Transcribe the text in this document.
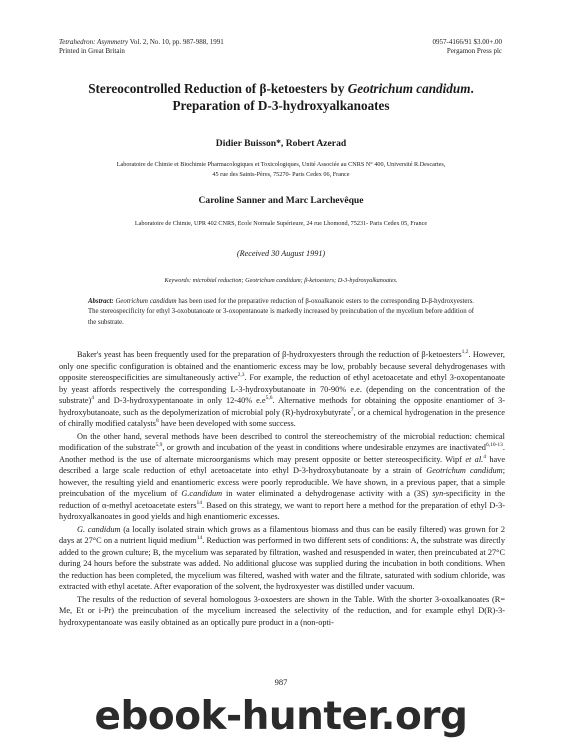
Tetrahedron: Asymmetry Vol. 2, No. 10, pp. 987-988, 1991
Printed in Great Britain
0957-4166/91 $3.00+.00
Pergamon Press plc
Stereocontrolled Reduction of β-ketoesters by Geotrichum candidum. Preparation of D-3-hydroxyalkanoates
Didier Buisson*, Robert Azerad
Laboratoire de Chimie et Biochimie Pharmacologiques et Toxicologiques, Unité Associée au CNRS N° 400, Université R.Descartes,
45 rue des Saints-Pères, 75270- Paris Cedex 06, France
Caroline Sanner and Marc Larchevêque
Laboratoire de Chimie, UPR 402 CNRS, Ecole Normale Supérieure, 24 rue Lhomond, 75231- Paris Cedex 05, France
(Received 30 August 1991)
Keywords: microbial reduction; Geotrichum candidum; β-ketoesters; D-3-hydroxyalkanoates.
Abstract: Geotrichum candidum has been used for the preparative reduction of β-oxoalkanoic esters to the corresponding D-β-hydroxyesters. The stereospecificity for ethyl 3-oxobutanoate or 3-oxopentanoate is markedly increased by preincubation of the mycelium before addition of the substrate.

Baker's yeast has been frequently used for the preparation of β-hydroxyesters through the reduction of β-ketoesters$^{1,2}$. However, only one specific configuration is obtained and the enantiomeric excess may be low, probably because several dehydrogenases with opposite stereospecificities are simultaneously active$^{2,3}$. For example, the reduction of ethyl acetoacetate and ethyl 3-oxopentanoate by yeast affords respectively the corresponding L-3-hydroxybutanoate in 70-90% e.e. (depending on the concentration of the substrate)$^4$ and D-3-hydroxypentanoate in only 12-40% $e.e^{5,6}$. Alternative methods for obtaining the opposite enantiomer of 3-hydroxybutanoate, such as the depolymerization of microbial poly (R)-hydroxybutyrate$^7$, or a chemical hydrogenation in the presence of chirally modified catalysts$^8$ have been developed with some success.

On the other hand, several methods have been described to control the stereochemistry of the microbial reduction: chemical modification of the substrate$^{5,9}$, or growth and incubation of the yeast in conditions where undesirable enzymes are inactivated$^{6,10-13}$. Another method is the use of alternate microorganisms which may present opposite or better stereospecificity. Wipf et al.$^4$ have described a large scale reduction of ethyl acetoacetate into ethyl D-3-hydroxybutanoate by a strain of Geotrichum candidum; however, the resulting yield and enantiomeric excess were poorly reproducible. We have shown, in a previous paper, that a simple preincubation of the mycelium of G.candidum in water eliminated a dehydrogenase activity with a (3S) syn-specificity in the reduction of α-methyl acetoacetate esters$^{14}$. Based on this strategy, we want to report here a method for the preparation of ethyl D-3-hydroxyalkanoates in good yields and high enantiomeric excesses.

G. candidum (a locally isolated strain which grows as a filamentous biomass and thus can be easily filtered) was grown for 2 days at 27°C on a nutrient liquid medium$^{14}$. Reduction was performed in two different sets of conditions: A, the substrate was directly added to the grown culture; B, the mycelium was separated by filtration, washed and resuspended in water, then preincubated at 27°C during 24 hours before the substrate was added. No additional glucose was supplied during the incubation in both conditions. When the reduction has been completed, the mycelium was filtered, washed with water and the filtrate, saturated with sodium chloride, was extracted with ethyl acetate. After evaporation of the solvent, the hydroxyester was distilled under vacuum.

The results of the reduction of several homologous 3-oxoesters are shown in the Table. With the shorter 3-oxoalkanoates (R= Me, Et or i-Pr) the preincubation of the mycelium increased the selectivity of the reduction, and for example ethyl D(R)-3-hydroxypentanoate was easily obtained as an optically pure product in a (non-opti-

987
ebook-hunter.org
